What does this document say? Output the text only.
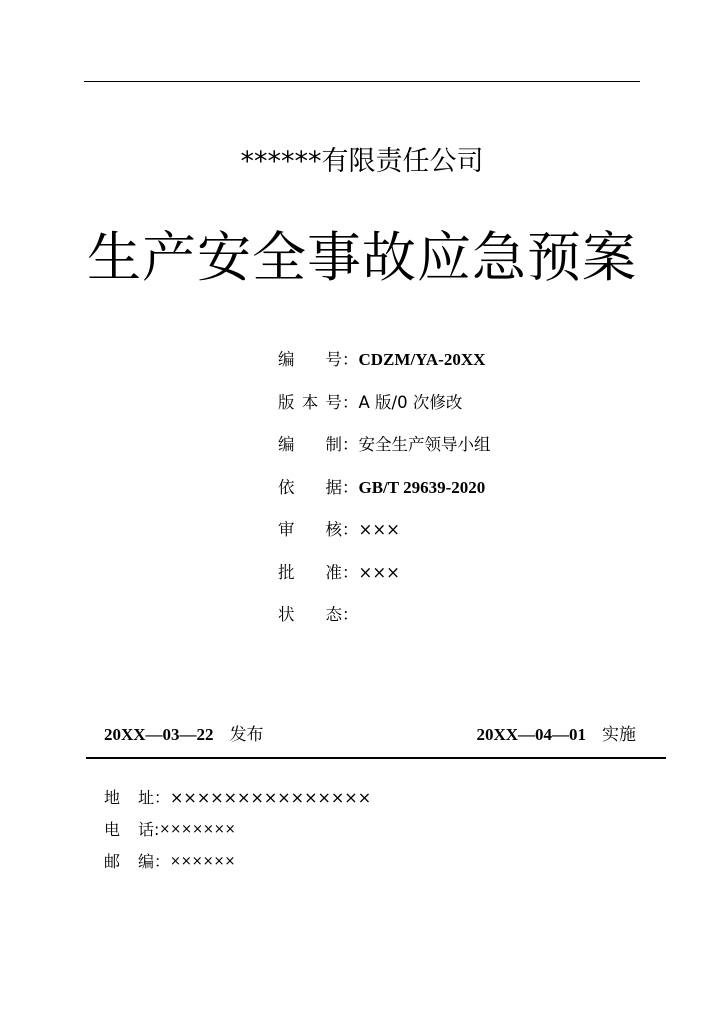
******有限责任公司
生产安全事故应急预案
编　号：CDZM/YA-20XX
版本号：A 版/0 次修改
编　制：安全生产领导小组
依　据：GB/T 29639-2020
审　核：×××
批　准：×××
状　态：
20XX—03—22 发布	20XX—04—01 实施
地　址：×××××××××××××××
电　话:×××××××
邮　编：××××××
